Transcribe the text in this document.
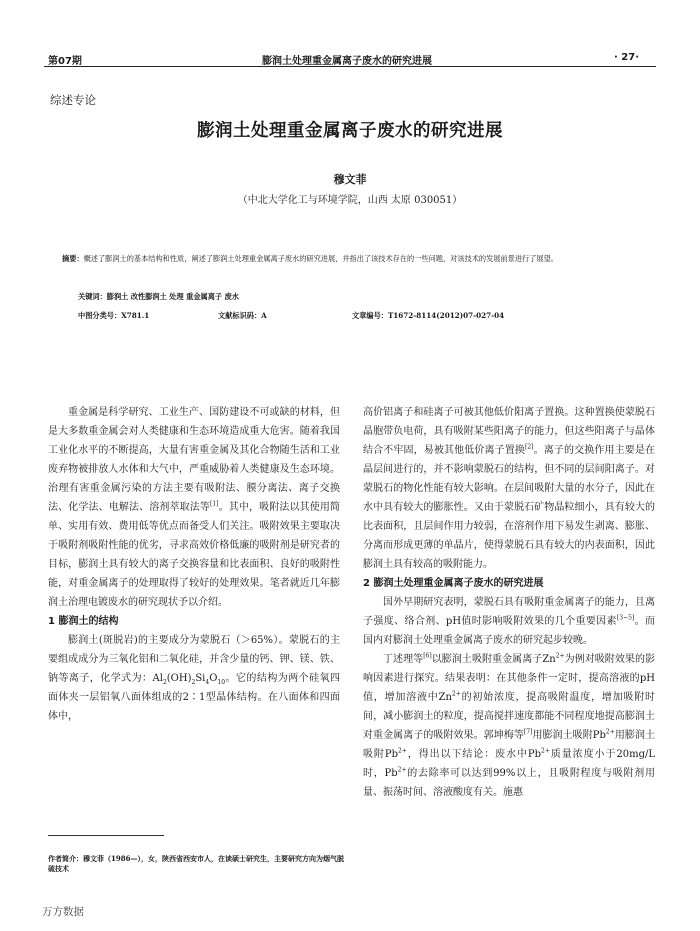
第07期	膨润土处理重金属离子废水的研究进展	· 27·
综述专论
膨润土处理重金属离子废水的研究进展
穆文菲
（中北大学化工与环境学院，山西 太原 030051）
摘要：概述了膨润土的基本结构和性质，阐述了膨润土处理重金属离子废水的研究进展，并指出了该技术存在的一些问题，对该技术的发展前景进行了展望。
关键词：膨润土 改性膨润土 处理 重金属离子 废水
中图分类号：X781.1	文献标识码：A	文章编号：T1672-8114(2012)07-027-04

重金属是科学研究、工业生产、国防建设不可或缺的材料，但是大多数重金属会对人类健康和生态环境造成重大危害。随着我国工业化水平的不断提高，大量有害重金属及其化合物随生活和工业废弃物被排放人水体和大气中，严重威胁着人类健康及生态环境。治理有害重金属污染的方法主要有吸附法、膜分离法、离子交换法、化学法、电解法、溶剂萃取法等[1]。其中，吸附法以其使用简单、实用有效、费用低等优点而备受人们关注。吸附效果主要取决于吸附剂吸附性能的优劣，寻求高效价格低廉的吸附剂是研究者的目标，膨润土具有较大的离子交换容量和比表面积、良好的吸附性能，对重金属离子的处理取得了较好的处理效果。笔者就近几年膨润土治理电镀废水的研究现状予以介绍。

1 膨润土的结构

膨润土(斑脱岩)的主要成分为蒙脱石（＞65%）。蒙脱石的主要组成成分为三氧化铝和二氧化硅，并含少量的钙、钾、镁、铁、钠等离子，化学式为：$Al_2(OH)_2Si_4O_{10}$。它的结构为两个硅氧四面体夹一层铝氧八面体组成的2∶1型晶体结构。在八面体和四面体中，

高价铝离子和硅离子可被其他低价阳离子置换。这种置换使蒙脱石晶胞带负电荷，具有吸附某些阳离子的能力，但这些阳离子与晶体结合不牢固，易被其他低价离子置换[2]。离子的交换作用主要是在晶层间进行的，并不影响蒙脱石的结构，但不同的层间阳离子。对蒙脱石的物化性能有较大影响。在层间吸附大量的水分子，因此在水中具有较大的膨胀性。又由于蒙脱石矿物晶粒细小，具有较大的比表面积，且层间作用力较弱，在溶剂作用下易发生剥离、膨胀、分离而形成更薄的单晶片，使得蒙脱石具有较大的内表面积，因此膨润土具有较高的吸附能力。

2 膨润土处理重金属离子废水的研究进展

国外早期研究表明，蒙脱石具有吸附重金属离子的能力，且离子强度、络合剂、pH值时影响吸附效果的几个重要因素[3~5]。而国内对膨润土处理重金属离子废水的研究起步较晚。

丁述理等[6]以膨润土吸附重金属离子$Zn^{2+}$为例对吸附效果的影响因素进行探究。结果表明：在其他条件一定时，提高溶液的pH值，增加溶液中$Zn^{2+}$的初始浓度，提高吸附温度，增加吸附时间，减小膨润土的粒度，提高搅拌速度都能不同程度地提高膨润土对重金属离子的吸附效果。郭坤梅等[7]用膨润土吸附$Pb^{2+}$用膨润土吸附$Pb^{2+}$，得出以下结论：废水中$Pb^{2+}$质量浓度小于20mg/L时，$Pb^{2+}$的去除率可以达到99%以上，且吸附程度与吸附剂用量、振荡时间、溶液酸度有关。施惠

作者简介：穆文菲（1986—），女，陕西省西安市人，在读硕士研究生，主要研究方向为烟气脱硫技术
万方数据
